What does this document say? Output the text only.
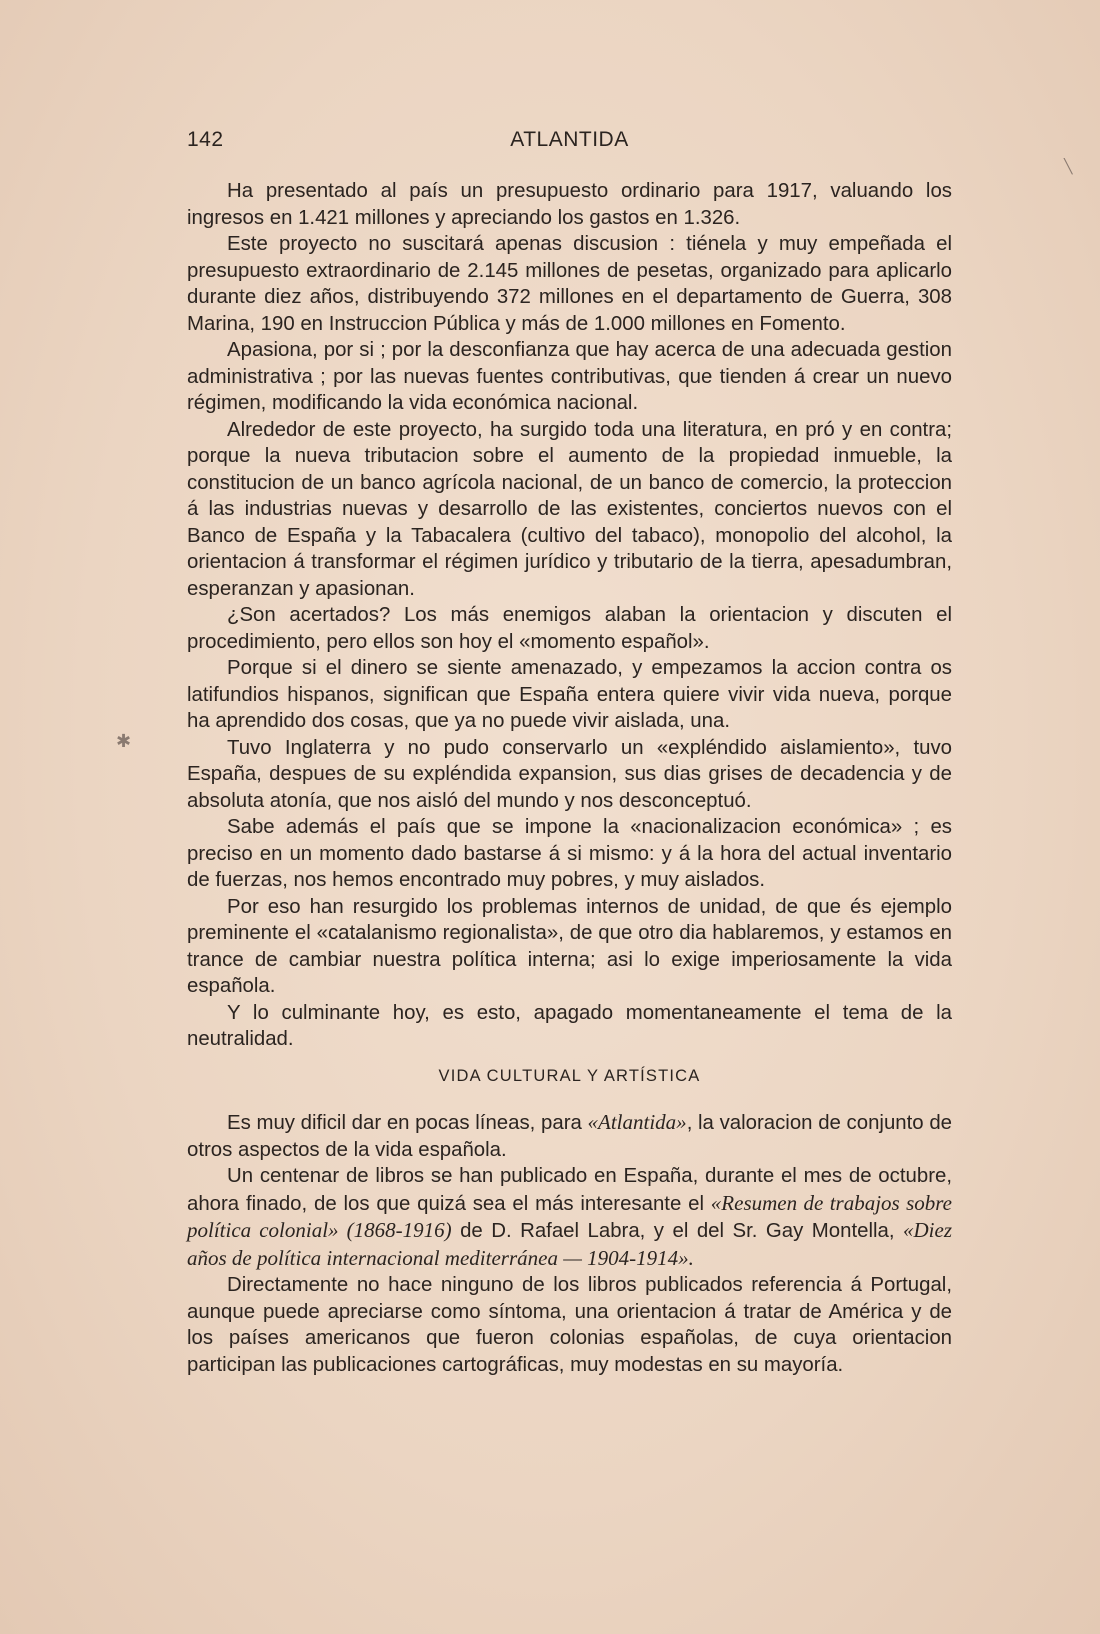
╲
✱
142	ATLANTIDA

Ha presentado al país un presupuesto ordinario para 1917, valuando los ingresos en 1.421 millones y apreciando los gastos en 1.326.

Este proyecto no suscitará apenas discusion : tiénela y muy empeñada el presupuesto extraordinario de 2.145 millones de pesetas, organizado para aplicarlo durante diez años, distribuyendo 372 millones en el departamento de Guerra, 308 Marina, 190 en Instruccion Pública y más de 1.000 millones en Fomento.

Apasiona, por si ; por la desconfianza que hay acerca de una adecuada gestion administrativa ; por las nuevas fuentes contributivas, que tienden á crear un nuevo régimen, modificando la vida económica nacional.

Alrededor de este proyecto, ha surgido toda una literatura, en pró y en contra; porque la nueva tributacion sobre el aumento de la propiedad inmueble, la constitucion de un banco agrícola nacional, de un banco de comercio, la proteccion á las industrias nuevas y desarrollo de las existentes, conciertos nuevos con el Banco de España y la Tabacalera (cultivo del tabaco), monopolio del alcohol, la orientacion á transformar el régimen jurídico y tributario de la tierra, apesadumbran, esperanzan y apasionan.

¿Son acertados? Los más enemigos alaban la orientacion y discuten el procedimiento, pero ellos son hoy el «momento español».

Porque si el dinero se siente amenazado, y empezamos la accion contra os latifundios hispanos, significan que España entera quiere vivir vida nueva, porque ha aprendido dos cosas, que ya no puede vivir aislada, una.

Tuvo Inglaterra y no pudo conservarlo un «expléndido aislamiento», tuvo España, despues de su expléndida expansion, sus dias grises de decadencia y de absoluta atonía, que nos aisló del mundo y nos desconceptuó.

Sabe además el país que se impone la «nacionalizacion económica» ; es preciso en un momento dado bastarse á si mismo: y á la hora del actual inventario de fuerzas, nos hemos encontrado muy pobres, y muy aislados.

Por eso han resurgido los problemas internos de unidad, de que és ejemplo preminente el «catalanismo regionalista», de que otro dia hablaremos, y estamos en trance de cambiar nuestra política interna; asi lo exige imperiosamente la vida española.

Y lo culminante hoy, es esto, apagado momentaneamente el tema de la neutralidad.

VIDA CULTURAL Y ARTÍSTICA

Es muy dificil dar en pocas líneas, para «Atlantida», la valoracion de conjunto de otros aspectos de la vida española.

Un centenar de libros se han publicado en España, durante el mes de octubre, ahora finado, de los que quizá sea el más interesante el «Resumen de trabajos sobre política colonial» (1868-1916) de D. Rafael Labra, y el del Sr. Gay Montella, «Diez años de política internacional mediterránea — 1904-1914».

Directamente no hace ninguno de los libros publicados referencia á Portugal, aunque puede apreciarse como síntoma, una orientacion á tratar de América y de los países americanos que fueron colonias españolas, de cuya orientacion participan las publicaciones cartográficas, muy modestas en su mayoría.
